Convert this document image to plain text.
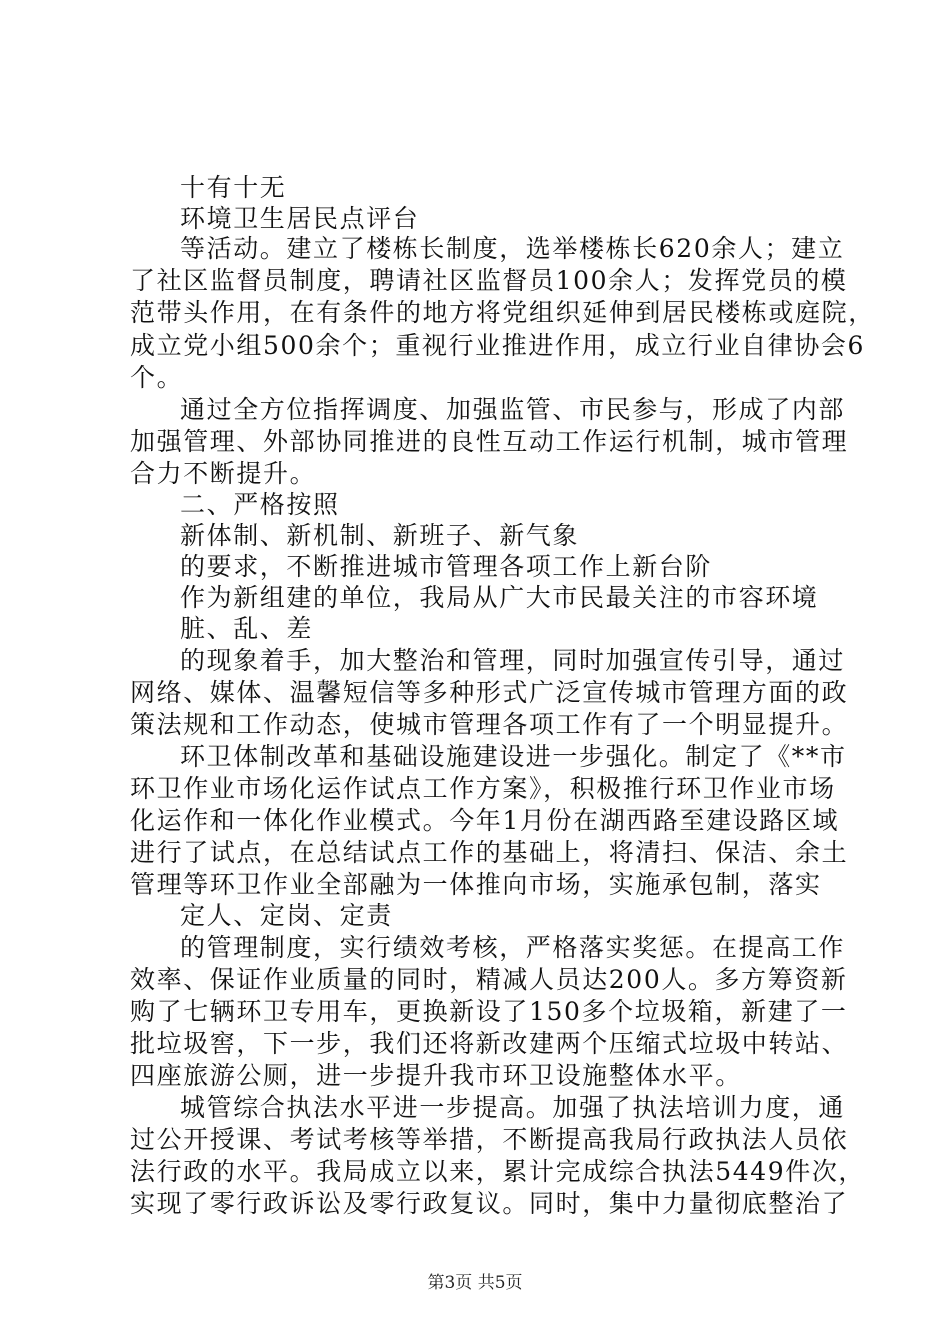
十有十无
环境卫生居民点评台
等活动。建立了楼栋长制度，选举楼栋长620余人；建立
了社区监督员制度，聘请社区监督员100余人；发挥党员的模
范带头作用，在有条件的地方将党组织延伸到居民楼栋或庭院，
成立党小组500余个；重视行业推进作用，成立行业自律协会6
个。
通过全方位指挥调度、加强监管、市民参与，形成了内部
加强管理、外部协同推进的良性互动工作运行机制，城市管理
合力不断提升。
二、严格按照
新体制、新机制、新班子、新气象
的要求，不断推进城市管理各项工作上新台阶
作为新组建的单位，我局从广大市民最关注的市容环境
脏、乱、差
的现象着手，加大整治和管理，同时加强宣传引导，通过
网络、媒体、温馨短信等多种形式广泛宣传城市管理方面的政
策法规和工作动态，使城市管理各项工作有了一个明显提升。
环卫体制改革和基础设施建设进一步强化。制定了《**市
环卫作业市场化运作试点工作方案》，积极推行环卫作业市场
化运作和一体化作业模式。今年1月份在湖西路至建设路区域
进行了试点，在总结试点工作的基础上，将清扫、保洁、余土
管理等环卫作业全部融为一体推向市场，实施承包制，落实
定人、定岗、定责
的管理制度，实行绩效考核，严格落实奖惩。在提高工作
效率、保证作业质量的同时，精减人员达200人。多方筹资新
购了七辆环卫专用车，更换新设了150多个垃圾箱，新建了一
批垃圾窖，下一步，我们还将新改建两个压缩式垃圾中转站、
四座旅游公厕，进一步提升我市环卫设施整体水平。
城管综合执法水平进一步提高。加强了执法培训力度，通
过公开授课、考试考核等举措，不断提高我局行政执法人员依
法行政的水平。我局成立以来，累计完成综合执法5449件次，
实现了零行政诉讼及零行政复议。同时，集中力量彻底整治了
第3页 共5页
